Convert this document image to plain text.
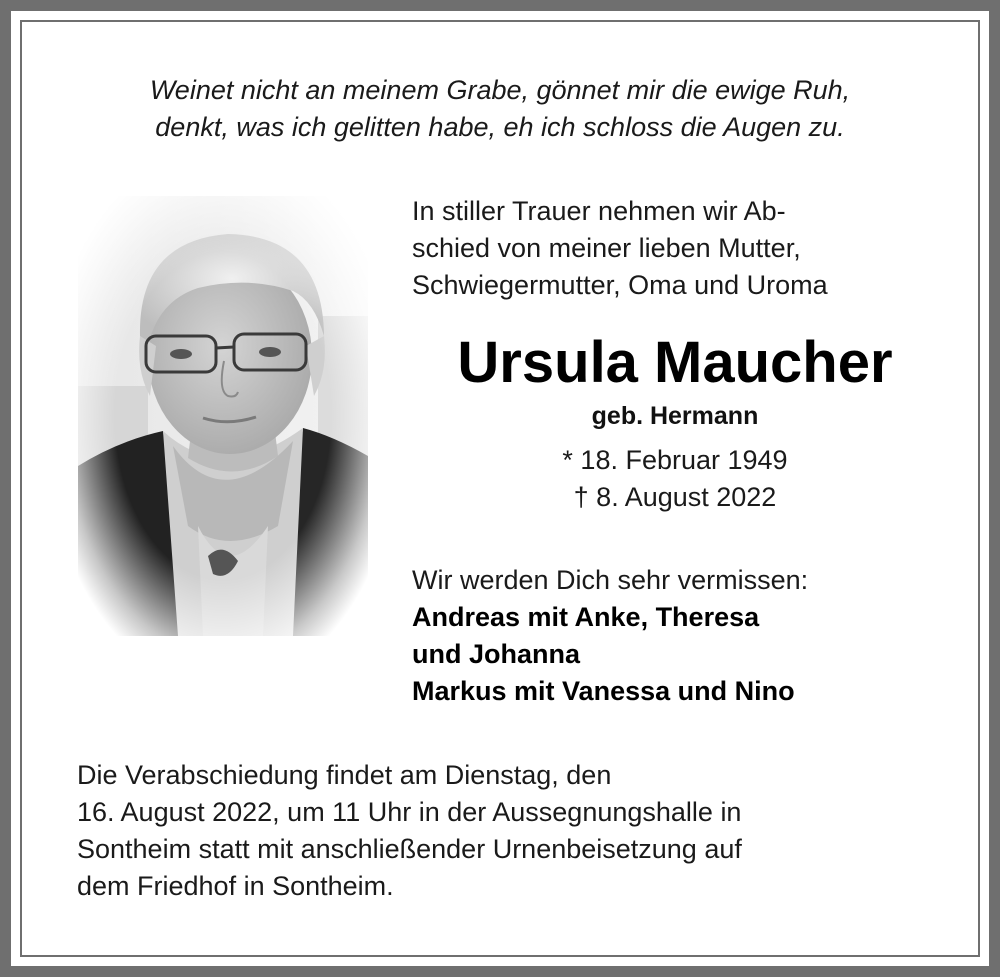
Weinet nicht an meinem Grabe, gönnet mir die ewige Ruh,
denkt, was ich gelitten habe, eh ich schloss die Augen zu.
In stiller Trauer nehmen wir Ab-
schied von meiner lieben Mutter,
Schwiegermutter, Oma und Uroma
Ursula Maucher
geb. Hermann
* 18. Februar 1949
† 8. August 2022
Wir werden Dich sehr vermissen:
Andreas mit Anke, Theresa
und Johanna
Markus mit Vanessa und Nino
Die Verabschiedung findet am Dienstag, den
16. August 2022, um 11 Uhr in der Aussegnungshalle in
Sontheim statt mit anschließender Urnenbeisetzung auf
dem Friedhof in Sontheim.
